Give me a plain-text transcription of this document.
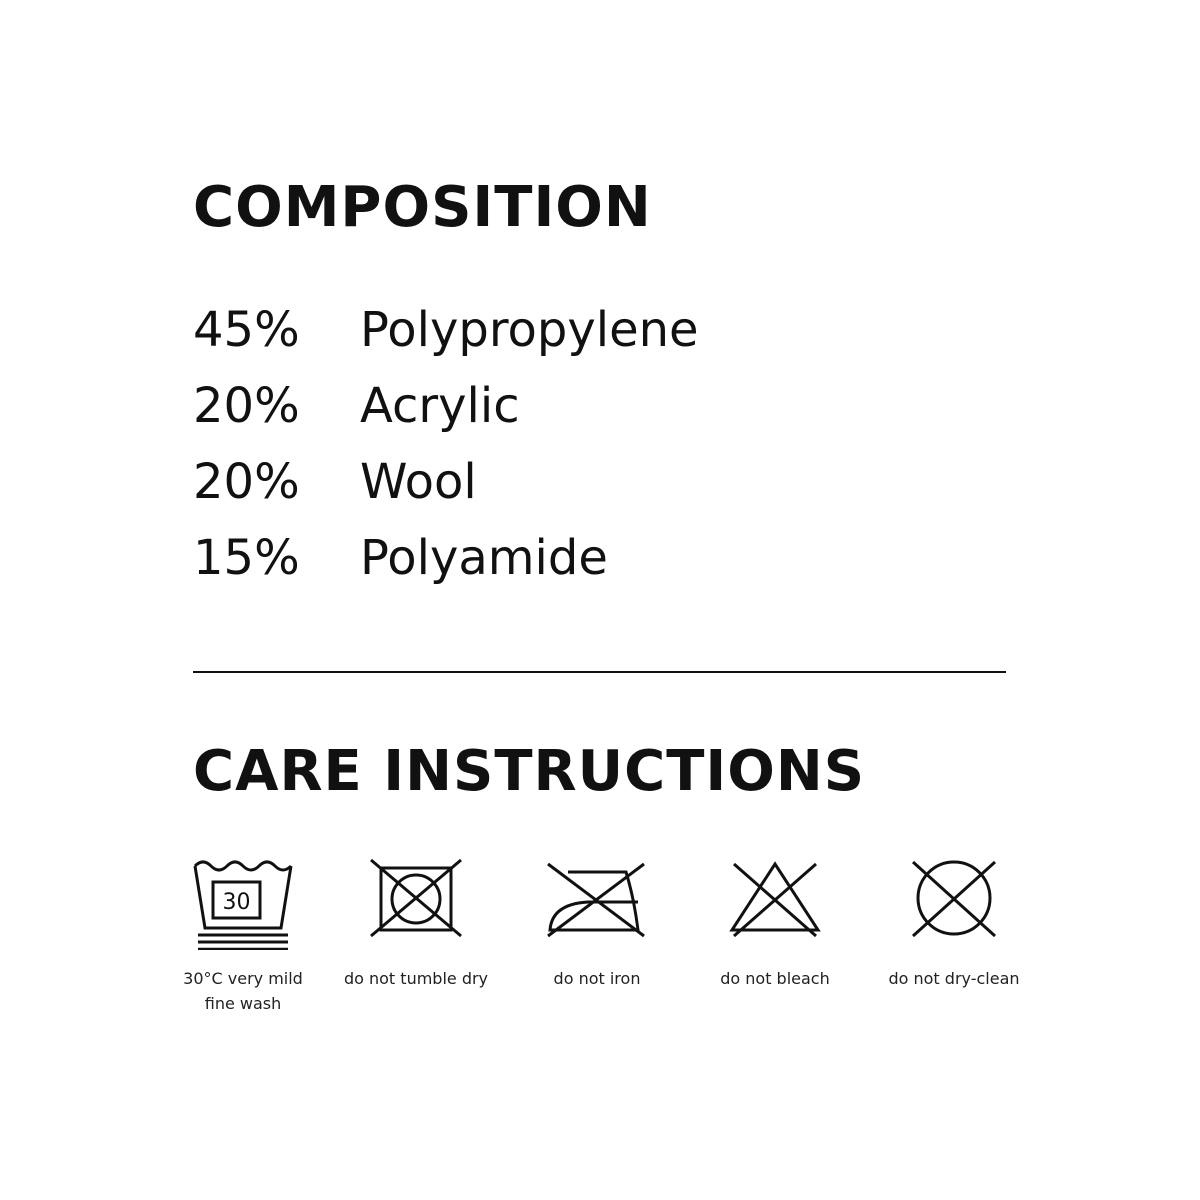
COMPOSITION
45%	Polypropylene
20%	Acrylic
20%	Wool
15%	Polyamide
CARE INSTRUCTIONS
30
30°C very mild
fine wash
do not tumble dry	do not iron	do not bleach	do not dry-clean
